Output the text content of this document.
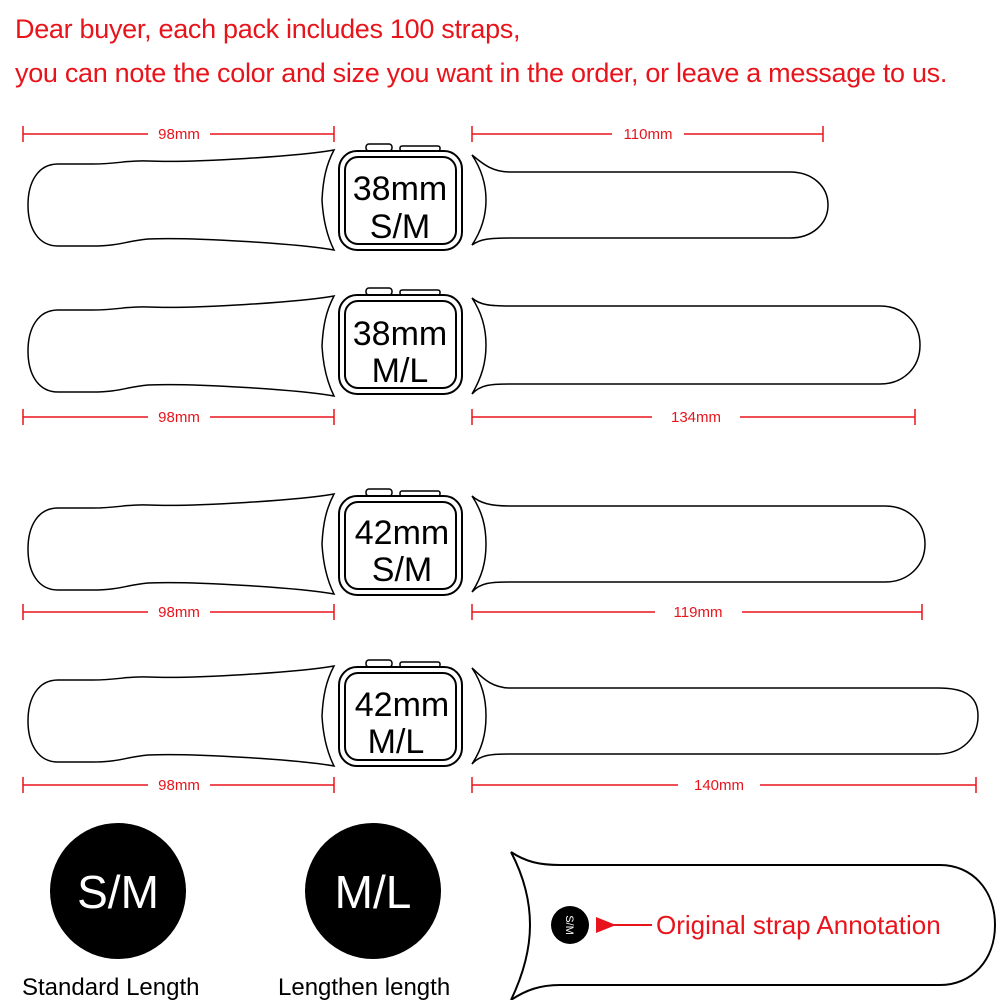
Dear buyer, each pack includes 100 straps,
you can note the color and size you want in the order, or leave a message to us.
98mm	110mm
38mm
S/M
38mm
M/L
98mm	134mm
42mm
S/M
98mm	119mm
42mm
M/L
98mm	140mm
S/M	M/L
S/M	Original strap Annotation
Standard Length	Lengthen length
